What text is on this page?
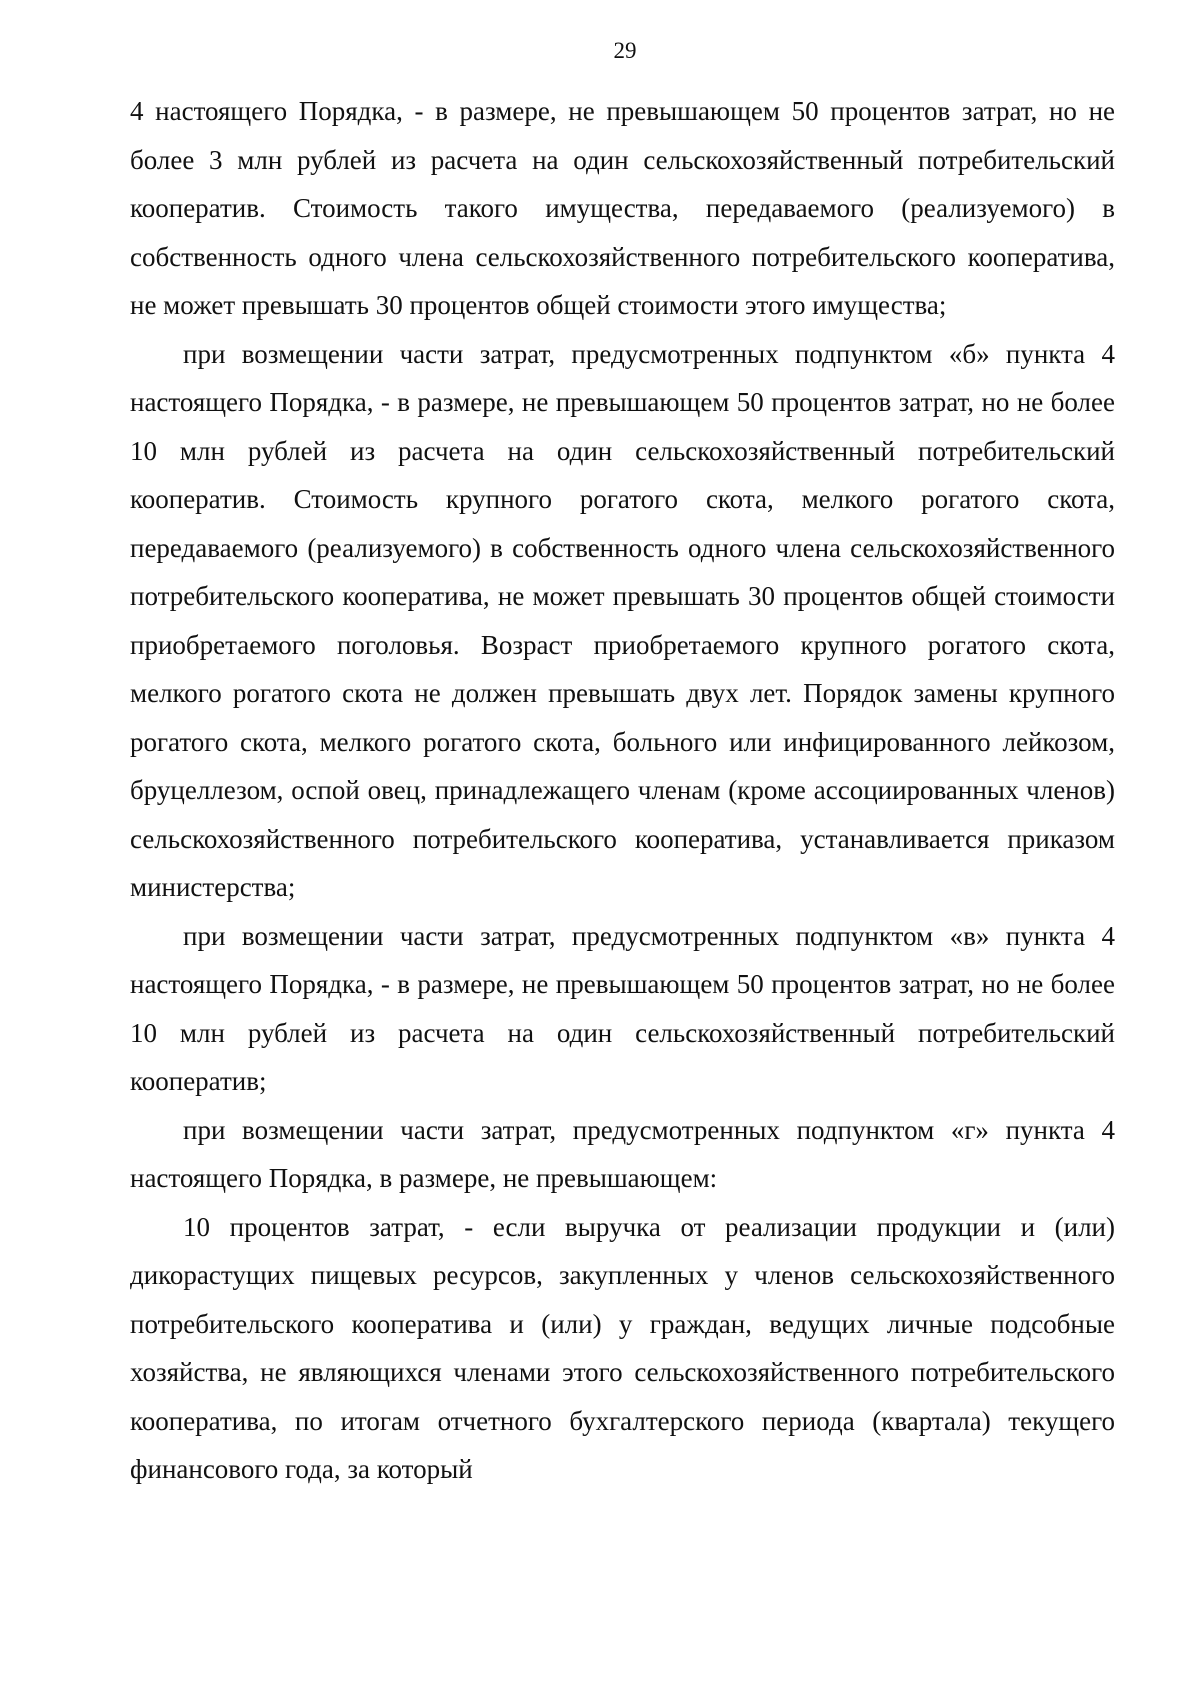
29

4 настоящего Порядка, - в размере, не превышающем 50 процентов затрат, но не более 3 млн рублей из расчета на один сельскохозяйственный потребительский кооператив. Стоимость такого имущества, передаваемого (реализуемого) в собственность одного члена сельскохозяйственного потребительского кооператива, не может превышать 30 процентов общей стоимости этого имущества;

при возмещении части затрат, предусмотренных подпунктом «б» пункта 4 настоящего Порядка, - в размере, не превышающем 50 процентов затрат, но не более 10 млн рублей из расчета на один сельскохозяйственный потребительский кооператив. Стоимость крупного рогатого скота, мелкого рогатого скота, передаваемого (реализуемого) в собственность одного члена сельскохозяйственного потребительского кооператива, не может превышать 30 процентов общей стоимости приобретаемого поголовья. Возраст приобретаемого крупного рогатого скота, мелкого рогатого скота не должен превышать двух лет. Порядок замены крупного рогатого скота, мелкого рогатого скота, больного или инфицированного лейкозом, бруцеллезом, оспой овец, принадлежащего членам (кроме ассоциированных членов) сельскохозяйственного потребительского кооператива, устанавливается приказом министерства;

при возмещении части затрат, предусмотренных подпунктом «в» пункта 4 настоящего Порядка, - в размере, не превышающем 50 процентов затрат, но не более 10 млн рублей из расчета на один сельскохозяйственный потребительский кооператив;

при возмещении части затрат, предусмотренных подпунктом «г» пункта 4 настоящего Порядка, в размере, не превышающем:

10 процентов затрат, - если выручка от реализации продукции и (или) дикорастущих пищевых ресурсов, закупленных у членов сельскохозяйственного потребительского кооператива и (или) у граждан, ведущих личные подсобные хозяйства, не являющихся членами этого сельскохозяйственного потребительского кооператива, по итогам отчетного бухгалтерского периода (квартала) текущего финансового года, за который
